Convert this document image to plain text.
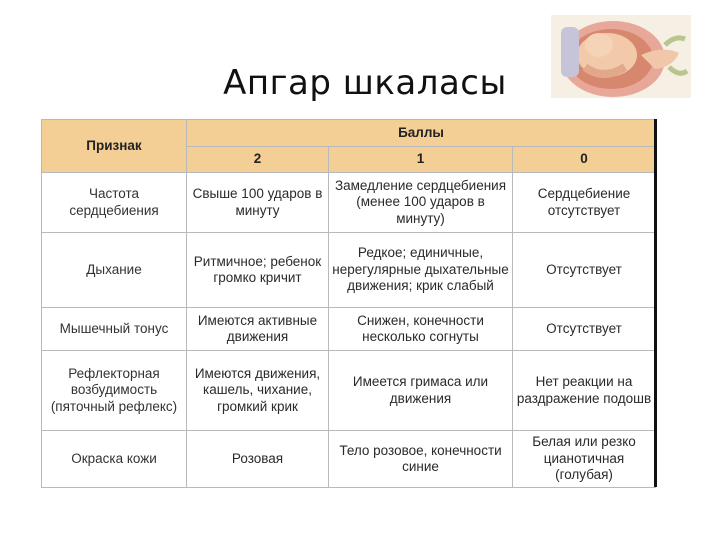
Апгар шкаласы
Признак	Баллы		
	2	1	0
Частота сердцебиения	Свыше 100 ударов в минуту	Замедление сердцебиения (менее 100 ударов в минуту)	Сердцебиение отсутствует
Дыхание	Ритмичное; ребенок громко кричит	Редкое; единичные, нерегулярные дыхательные движения; крик слабый	Отсутствует
Мышечный тонус	Имеются активные движения	Снижен, конечности несколько согнуты	Отсутствует
Рефлекторная возбудимость (пяточный рефлекс)	Имеются движения, кашель, чихание, громкий крик	Имеется гримаса или движения	Нет реакции на раздражение подошв
Окраска кожи	Розовая	Тело розовое, конечности синие	Белая или резко цианотичная (голубая)
